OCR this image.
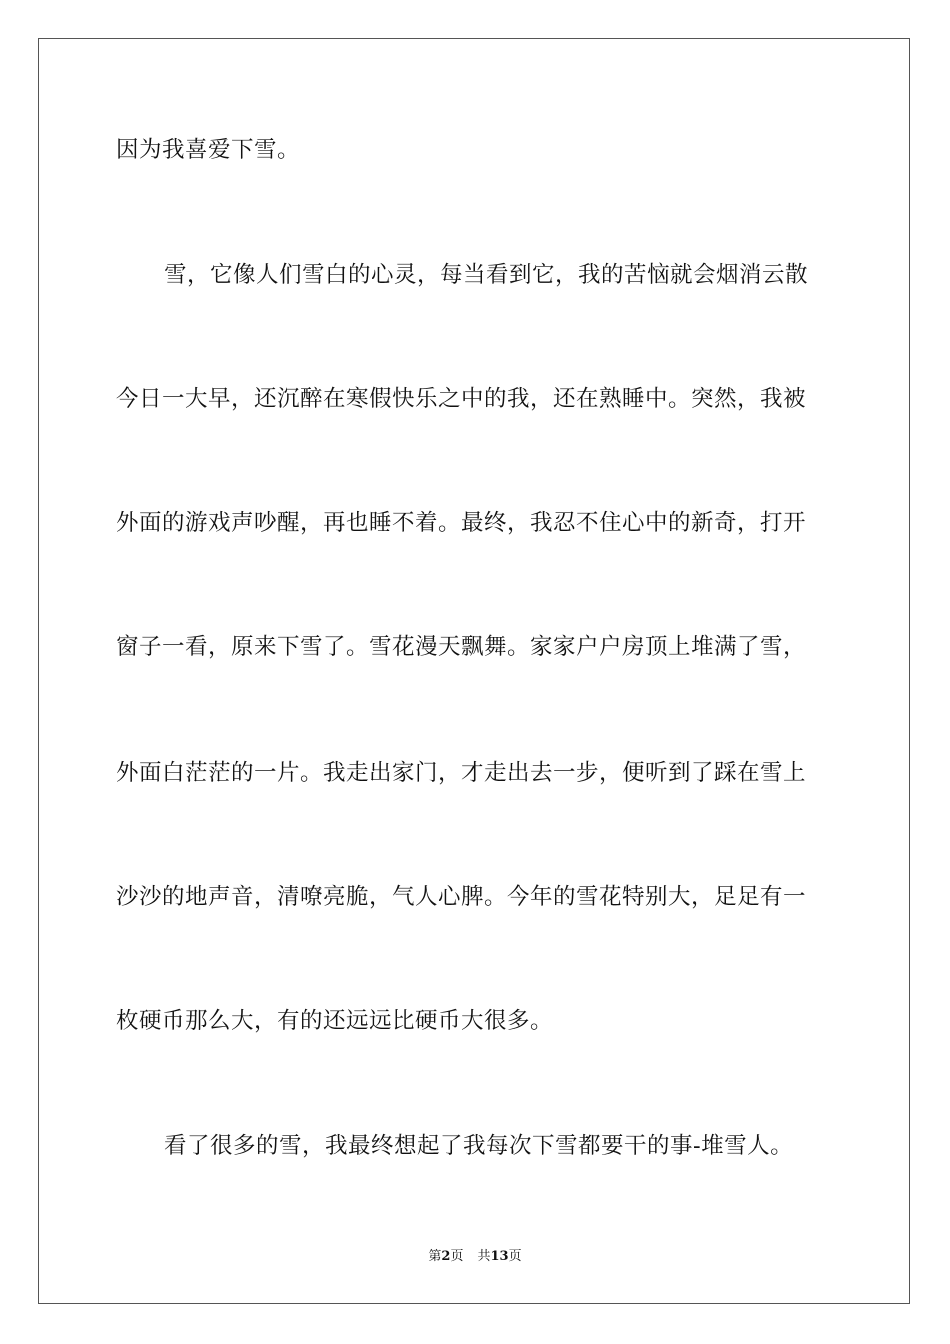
因为我喜爱下雪。
雪，它像人们雪白的心灵，每当看到它，我的苦恼就会烟消云散
今日一大早，还沉醉在寒假快乐之中的我，还在熟睡中。突然，我被
外面的游戏声吵醒，再也睡不着。最终，我忍不住心中的新奇，打开
窗子一看，原来下雪了。雪花漫天飘舞。家家户户房顶上堆满了雪，
外面白茫茫的一片。我走出家门，才走出去一步，便听到了踩在雪上
沙沙的地声音，清嘹亮脆，气人心脾。今年的雪花特别大，足足有一
枚硬币那么大，有的还远远比硬币大很多。
看了很多的雪，我最终想起了我每次下雪都要干的事-堆雪人。
第2页 共13页
